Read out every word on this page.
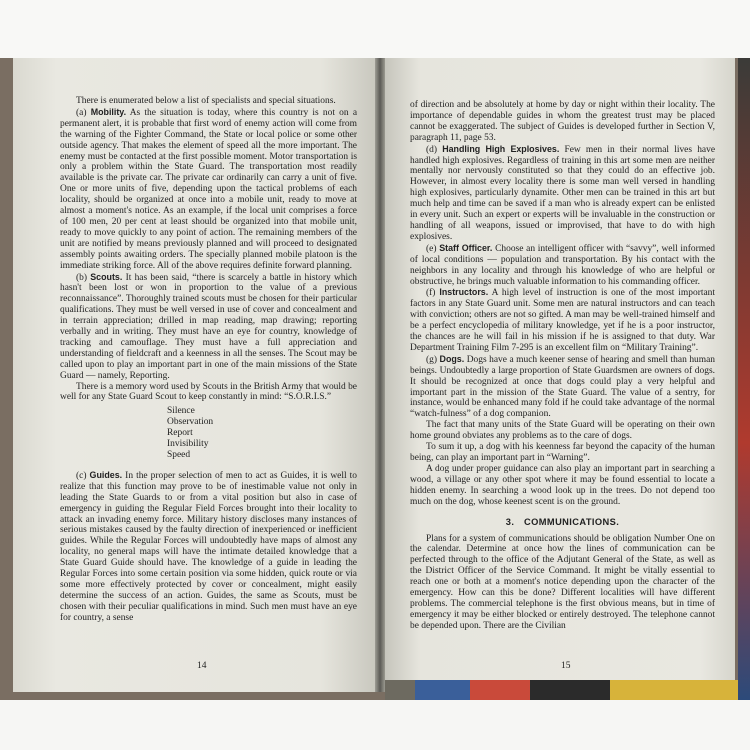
There is enumerated below a list of specialists and special situations.

(a) Mobility. As the situation is today, where this country is not on a permanent alert, it is probable that first word of enemy action will come from the warning of the Fighter Command, the State or local police or some other outside agency. That makes the element of speed all the more important. The enemy must be contacted at the first possible moment. Motor transportation is only a problem within the State Guard. The transportation most readily available is the private car. The private car ordinarily can carry a unit of five. One or more units of five, depending upon the tactical problems of each locality, should be organized at once into a mobile unit, ready to move at almost a moment's notice. As an example, if the local unit comprises a force of 100 men, 20 per cent at least should be organized into that mobile unit, ready to move quickly to any point of action. The remaining members of the unit are notified by means previously planned and will proceed to designated assembly points awaiting orders. The specially planned mobile platoon is the immediate striking force. All of the above requires definite forward planning.

(b) Scouts. It has been said, “there is scarcely a battle in history which hasn't been lost or won in proportion to the value of a previous reconnaissance”. Thoroughly trained scouts must be chosen for their particular qualifications. They must be well versed in use of cover and concealment and in terrain appreciation; drilled in map reading, map drawing; reporting verbally and in writing. They must have an eye for country, knowledge of tracking and camouflage. They must have a full appreciation and understanding of fieldcraft and a keenness in all the senses. The Scout may be called upon to play an important part in one of the main missions of the State Guard — namely, Reporting.

There is a memory word used by Scouts in the British Army that would be well for any State Guard Scout to keep constantly in mind: “S.O.R.I.S.”

Silence
Observation
Report
Invisibility
Speed

(c) Guides. In the proper selection of men to act as Guides, it is well to realize that this function may prove to be of inestimable value not only in leading the State Guards to or from a vital position but also in case of emergency in guiding the Regular Field Forces brought into their locality to attack an invading enemy force. Military history discloses many instances of serious mistakes caused by the faulty direction of inexperienced or inefficient guides. While the Regular Forces will undoubtedly have maps of almost any locality, no general maps will have the intimate detailed knowledge that a State Guard Guide should have. The knowledge of a guide in leading the Regular Forces into some certain position via some hidden, quick route or via some more effectively protected by cover or concealment, might easily determine the success of an action. Guides, the same as Scouts, must be chosen with their peculiar qualifications in mind. Such men must have an eye for country, a sense

14

of direction and be absolutely at home by day or night within their locality. The importance of dependable guides in whom the greatest trust may be placed cannot be exaggerated. The subject of Guides is developed further in Section V, paragraph 11, page 53.

(d) Handling High Explosives. Few men in their normal lives have handled high explosives. Regardless of training in this art some men are neither mentally nor nervously constituted so that they could do an effective job. However, in almost every locality there is some man well versed in handling high explosives, particularly dynamite. Other men can be trained in this art but much help and time can be saved if a man who is already expert can be enlisted in every unit. Such an expert or experts will be invaluable in the construction or handling of all weapons, issued or improvised, that have to do with high explosives.

(e) Staff Officer. Choose an intelligent officer with “savvy”, well informed of local conditions — population and transportation. By his contact with the neighbors in any locality and through his knowledge of who are helpful or obstructive, he brings much valuable information to his commanding officer.

(f) Instructors. A high level of instruction is one of the most important factors in any State Guard unit. Some men are natural instructors and can teach with conviction; others are not so gifted. A man may be well-trained himself and be a perfect encyclopedia of military knowledge, yet if he is a poor instructor, the chances are he will fail in his mission if he is assigned to that duty. War Department Training Film 7-295 is an excellent film on “Military Training”.

(g) Dogs. Dogs have a much keener sense of hearing and smell than human beings. Undoubtedly a large proportion of State Guardsmen are owners of dogs. It should be recognized at once that dogs could play a very helpful and important part in the mission of the State Guard. The value of a sentry, for instance, would be enhanced many fold if he could take advantage of the normal “watch-fulness” of a dog companion.

The fact that many units of the State Guard will be operating on their own home ground obviates any problems as to the care of dogs.

To sum it up, a dog with his keenness far beyond the capacity of the human being, can play an important part in “Warning”.

A dog under proper guidance can also play an important part in searching a wood, a village or any other spot where it may be found essential to locate a hidden enemy. In searching a wood look up in the trees. Do not depend too much on the dog, whose keenest scent is on the ground.

3. COMMUNICATIONS.

Plans for a system of communications should be obligation Number One on the calendar. Determine at once how the lines of communication can be perfected through to the office of the Adjutant General of the State, as well as the District Officer of the Service Command. It might be vitally essential to reach one or both at a moment's notice depending upon the character of the emergency. How can this be done? Different localities will have different problems. The commercial telephone is the first obvious means, but in time of emergency it may be either blocked or entirely destroyed. The telephone cannot be depended upon. There are the Civilian

15
